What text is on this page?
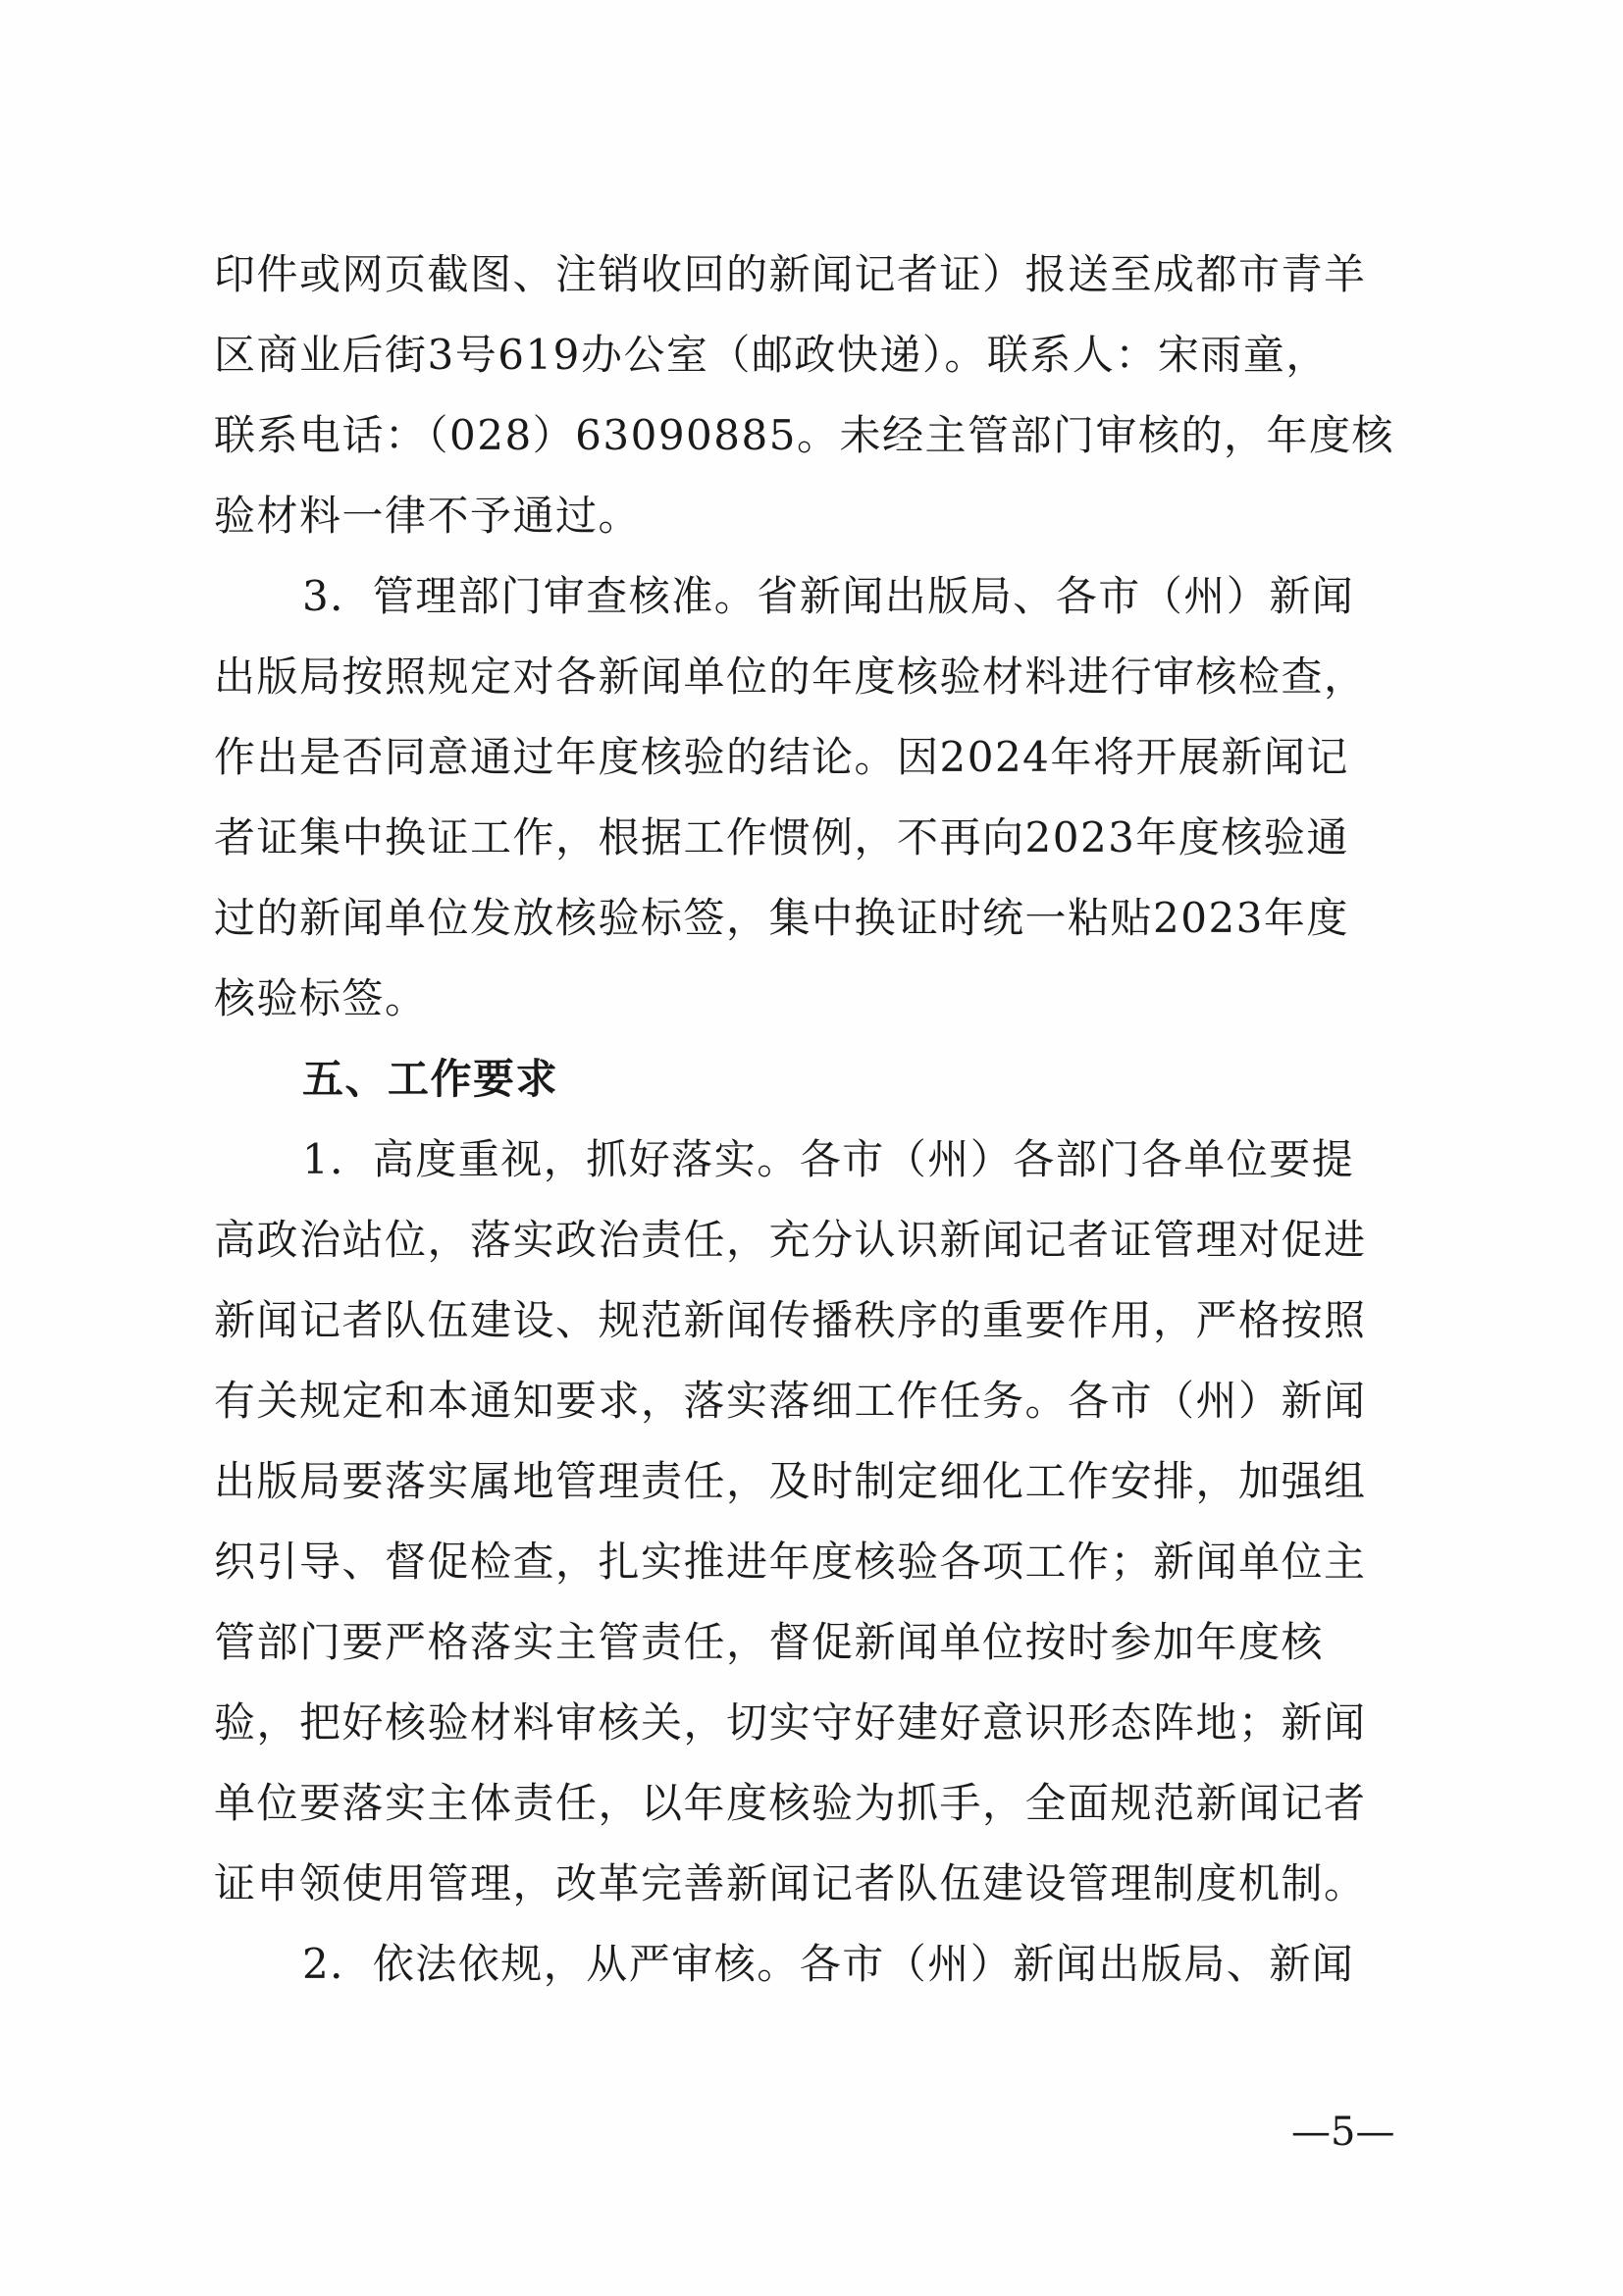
印件或网页截图、注销收回的新闻记者证）报送至成都市青羊
区商业后街3号619办公室（邮政快递）。联系人：宋雨童，
联系电话：（028）63090885。未经主管部门审核的，年度核
验材料一律不予通过。
3．管理部门审查核准。省新闻出版局、各市（州）新闻
出版局按照规定对各新闻单位的年度核验材料进行审核检查，
作出是否同意通过年度核验的结论。因2024年将开展新闻记
者证集中换证工作，根据工作惯例，不再向2023年度核验通
过的新闻单位发放核验标签，集中换证时统一粘贴2023年度
核验标签。
五、工作要求
1．高度重视，抓好落实。各市（州）各部门各单位要提
高政治站位，落实政治责任，充分认识新闻记者证管理对促进
新闻记者队伍建设、规范新闻传播秩序的重要作用，严格按照
有关规定和本通知要求，落实落细工作任务。各市（州）新闻
出版局要落实属地管理责任，及时制定细化工作安排，加强组
织引导、督促检查，扎实推进年度核验各项工作；新闻单位主
管部门要严格落实主管责任，督促新闻单位按时参加年度核
验，把好核验材料审核关，切实守好建好意识形态阵地；新闻
单位要落实主体责任，以年度核验为抓手，全面规范新闻记者
证申领使用管理，改革完善新闻记者队伍建设管理制度机制。
2．依法依规，从严审核。各市（州）新闻出版局、新闻
—5—
